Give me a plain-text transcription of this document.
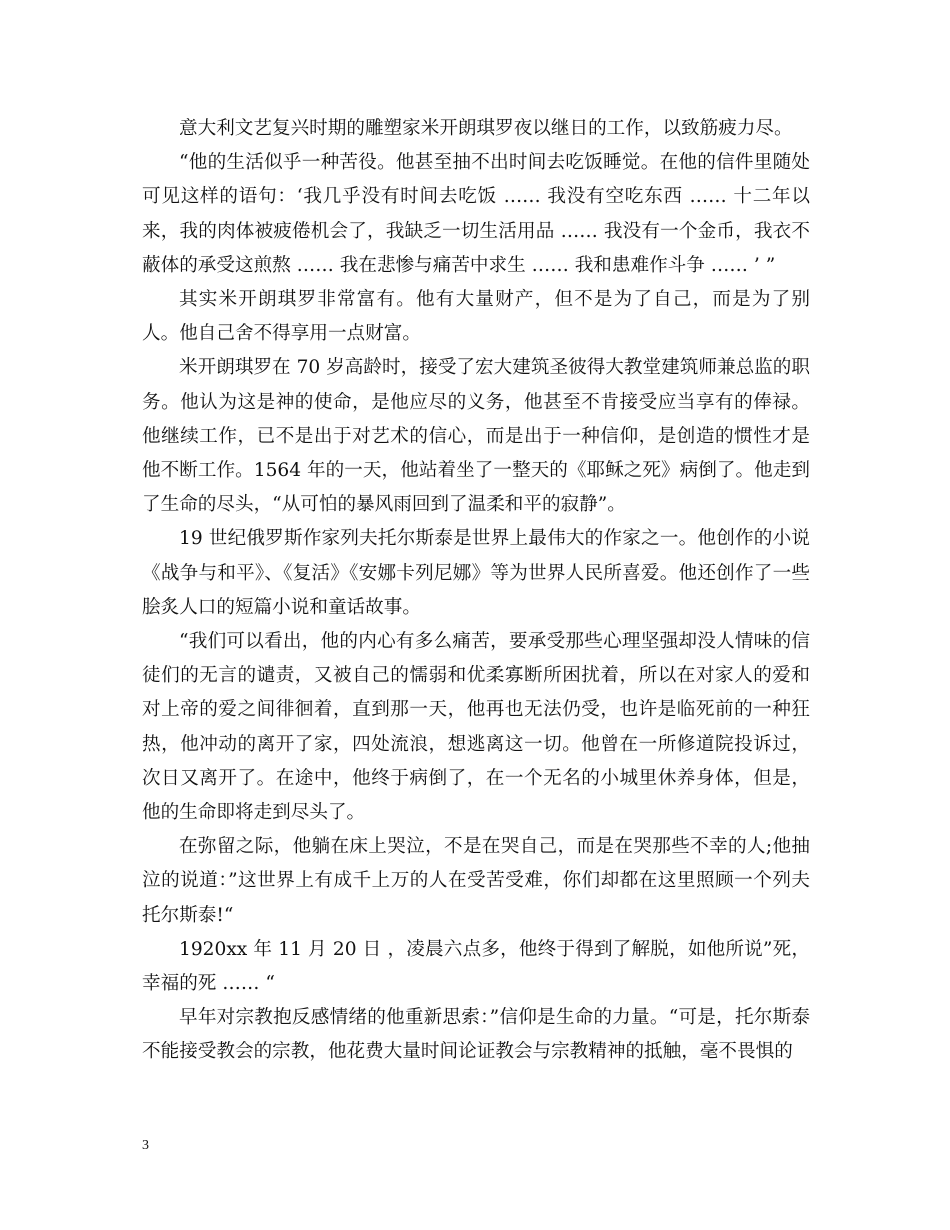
意大利文艺复兴时期的雕塑家米开朗琪罗夜以继日的工作，以致筋疲力尽。

“他的生活似乎一种苦役。他甚至抽不出时间去吃饭睡觉。在他的信件里随处可见这样的语句：‘我几乎没有时间去吃饭 …… 我没有空吃东西 …… 十二年以来，我的肉体被疲倦机会了，我缺乏一切生活用品 …… 我没有一个金币，我衣不蔽体的承受这煎熬 …… 我在悲惨与痛苦中求生 …… 我和患难作斗争 …… ’ ”

其实米开朗琪罗非常富有。他有大量财产，但不是为了自己，而是为了别人。他自己舍不得享用一点财富。

米开朗琪罗在 70 岁高龄时，接受了宏大建筑圣彼得大教堂建筑师兼总监的职务。他认为这是神的使命，是他应尽的义务，他甚至不肯接受应当享有的俸禄。他继续工作，已不是出于对艺术的信心，而是出于一种信仰，是创造的惯性才是他不断工作。1564 年的一天，他站着坐了一整天的《耶稣之死》病倒了。他走到了生命的尽头，“从可怕的暴风雨回到了温柔和平的寂静”。

19 世纪俄罗斯作家列夫托尔斯泰是世界上最伟大的作家之一。他创作的小说《战争与和平》、《复活》《安娜卡列尼娜》等为世界人民所喜爱。他还创作了一些脍炙人口的短篇小说和童话故事。

“我们可以看出，他的内心有多么痛苦，要承受那些心理坚强却没人情味的信徒们的无言的谴责，又被自己的懦弱和优柔寡断所困扰着，所以在对家人的爱和对上帝的爱之间徘徊着，直到那一天，他再也无法仍受，也许是临死前的一种狂热，他冲动的离开了家，四处流浪，想逃离这一切。他曾在一所修道院投诉过，次日又离开了。在途中，他终于病倒了，在一个无名的小城里休养身体，但是，他的生命即将走到尽头了。

在弥留之际，他躺在床上哭泣，不是在哭自己，而是在哭那些不幸的人;他抽泣的说道：”这世界上有成千上万的人在受苦受难，你们却都在这里照顾一个列夫托尔斯泰!“

1920xx 年 11 月 20 日 ，凌晨六点多，他终于得到了解脱，如他所说”死，幸福的死 …… “

早年对宗教抱反感情绪的他重新思索：”信仰是生命的力量。“可是，托尔斯泰不能接受教会的宗教，他花费大量时间论证教会与宗教精神的抵触，毫不畏惧的

3
